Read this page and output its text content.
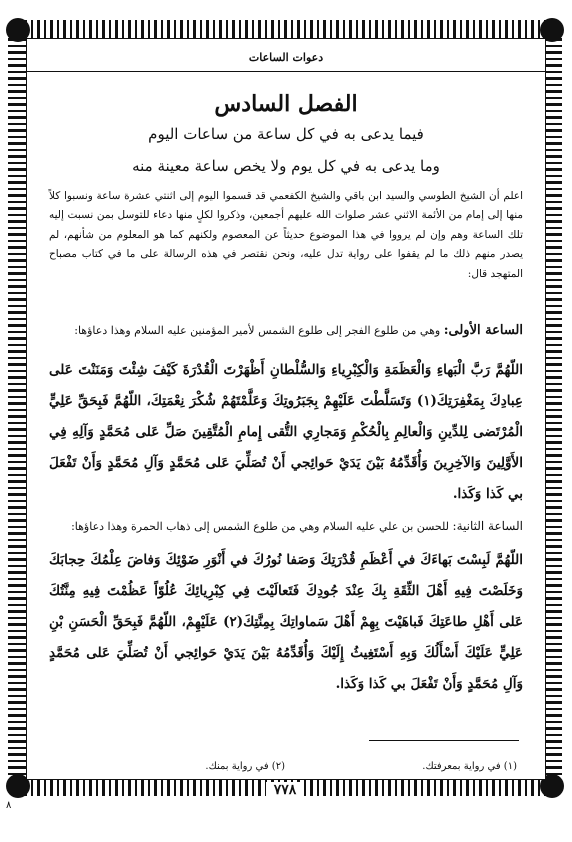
دعوات الساعات
الفصل السادس
فيما يدعى به في كل ساعة من ساعات اليوم
وما يدعى به في كل يوم ولا يخص ساعة معينة منه
اعلم أن الشيخ الطوسي والسيد ابن باقي والشيخ الكفعمي قد قسموا اليوم إلى اثنتي عشرة ساعة ونسبوا كلاً منها إلى إمام من الأئمة الاثني عشر صلوات الله عليهم أجمعين، وذكروا لكلٍ منها دعاء للتوسل بمن نسبت إليه تلك الساعة وهم وإن لم يرووا في هذا الموضوع حديثاً عن المعصوم ولكنهم كما هو المعلوم من شأنهم، لم يصدر منهم ذلك ما لم يقفوا على رواية تدل عليه، ونحن نقتصر في هذه الرسالة على ما في كتاب مصباح المتهجد قال:
الساعة الأولى: وهي من طلوع الفجر إلى طلوع الشمس لأمير المؤمنين عليه السلام وهذا دعاؤها:
اللّهُمَّ رَبَّ الْبَهاءِ وَالْعَظَمَةِ وَالْكِبْرِياءِ وَالسُّلْطانِ أَظْهَرْتَ الْقُدْرَةَ كَيْفَ شِئْتَ وَمَنَنْتَ عَلى عِبادِكَ بِمَغْفِرَتِكَ(١) وَتَسَلَّطْتَ عَلَيْهِمْ بِجَبَرُوتِكَ وَعَلَّمْتَهُمْ شُكْرَ نِعْمَتِكَ، اللّهُمَّ فَبِحَقِّ عَلِيٍّ الْمُرْتَضى لِلدِّينِ وَالْعالِمِ بِالْحُكْمِ وَمَجارِي التُّقى إِمامِ الْمُتَّقِينَ صَلِّ عَلى مُحَمَّدٍ وَآلِهِ فِي الأَوَّلِينَ وَالآخِرِينَ وَأُقَدِّمُهُ بَيْنَ يَدَيْ حَوائِجي أَنْ تُصَلِّيَ عَلى مُحَمَّدٍ وَآلِ مُحَمَّدٍ وَأَنْ تَفْعَلَ بي كَذا وَكَذا.
الساعة الثانية: للحسن بن علي عليه السلام وهي من طلوع الشمس إلى ذهاب الحمرة وهذا دعاؤها:
اللّهُمَّ لَبِسْتَ بَهاءَكَ في أَعْظَمِ قُدْرَتِكَ وَصَفا نُورُكَ في أَنْوَرِ ضَوْئِكَ وَفاضَ عِلْمُكَ حِجابَكَ وَخَلَصْتَ فِيهِ أَهْلَ الثِّقَةِ بِكَ عِنْدَ جُودِكَ فَتَعالَيْتَ فِي كِبْرِيائِكَ عُلُوّاً عَظُمْتَ فِيهِ مِنَّتُكَ عَلى أَهْلِ طاعَتِكَ فَباهَيْتَ بِهِمْ أَهْلَ سَماواتِكَ بِمِنَّتِكَ(٢) عَلَيْهِمْ، اللّهُمَّ فَبِحَقِّ الْحَسَنِ بْنِ عَلِيٍّ عَلَيْكَ أَسْأَلُكَ وَبِهِ أَسْتَغِيثُ إِلَيْكَ وَأُقَدِّمُهُ بَيْنَ يَدَيْ حَوائِجي أَنْ تُصَلِّيَ عَلى مُحَمَّدٍ وَآلِ مُحَمَّدٍ وَأَنْ تَفْعَلَ بي كَذا وَكَذا.
(١) في رواية بمعرفتك.
(٢) في رواية بمنك.
٧٧٨
٨
